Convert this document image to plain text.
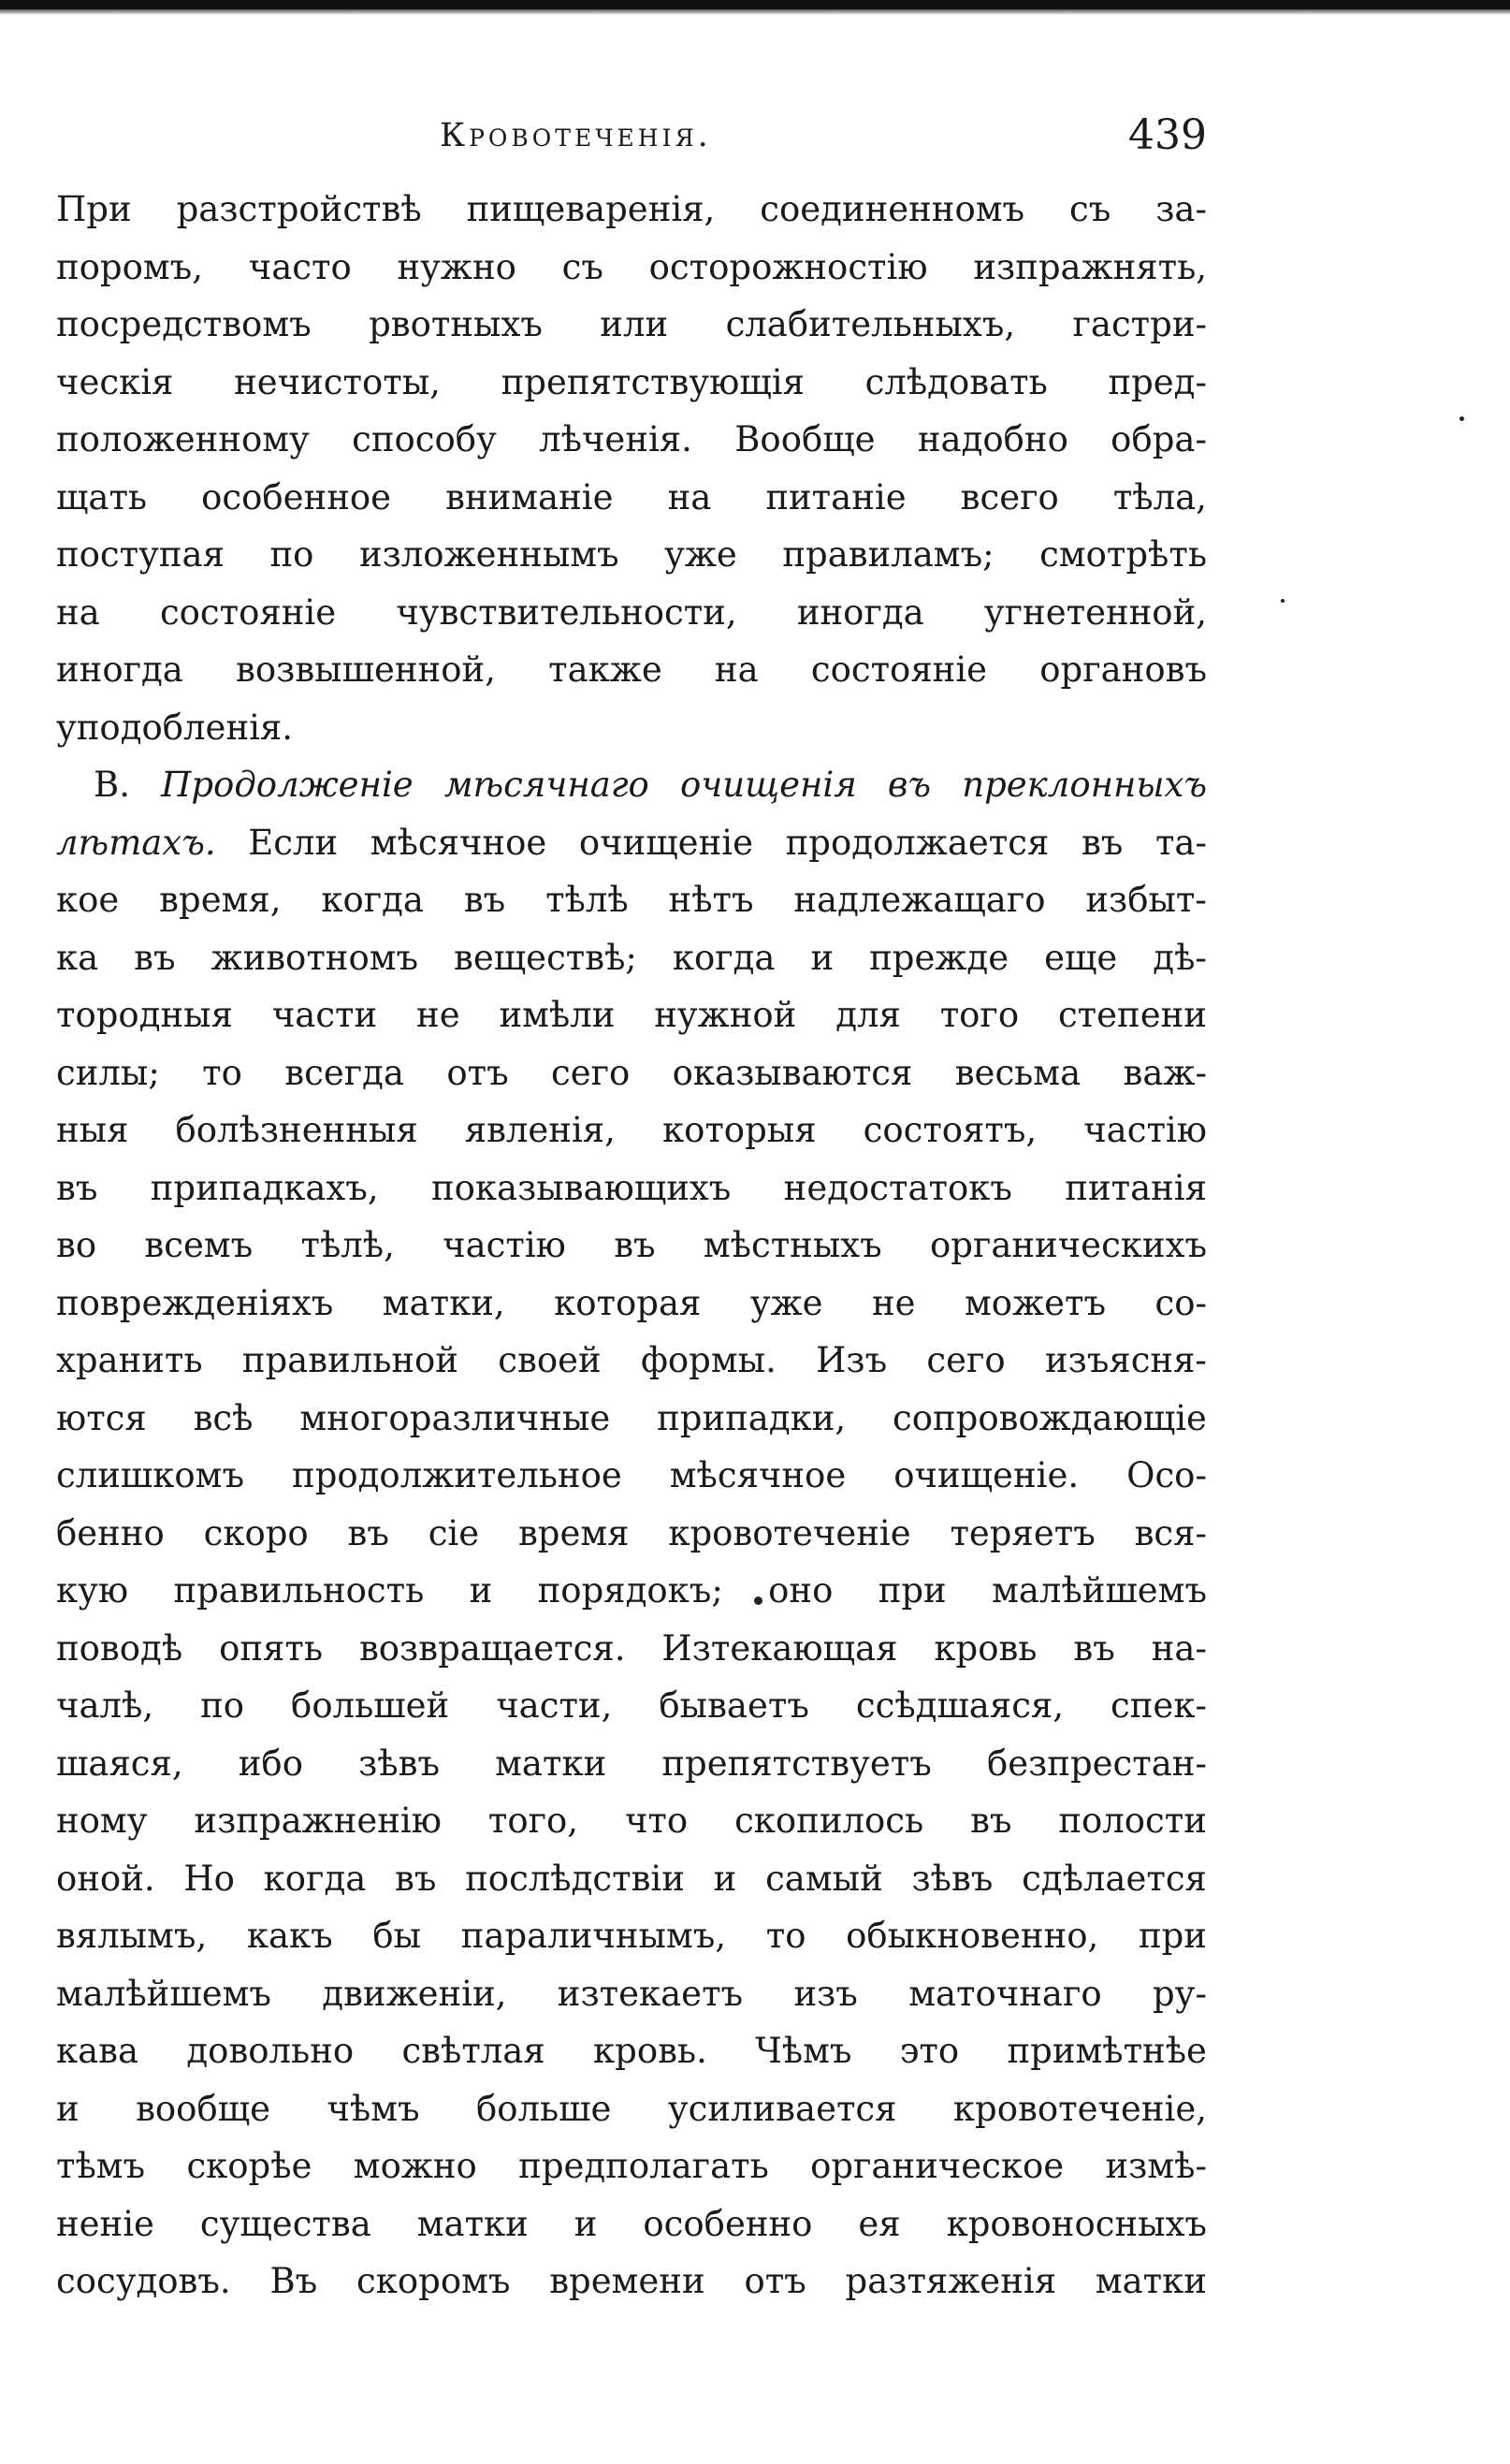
Кровотеченія.	439
При разстройствѣ пищеваренія, соединенномъ съ за-
поромъ, часто нужно съ осторожностію изпражнять,
посредствомъ рвотныхъ или слабительныхъ, гастри-
ческія нечистоты, препятствующія слѣдовать пред-
положенному способу лѣченія. Вообще надобно обра-
щать особенное вниманіе на питаніе всего тѣла,
поступая по изложеннымъ уже правиламъ; смотрѣть
на состояніе чувствительности, иногда угнетенной,
иногда возвышенной, также на состояніе органовъ
уподобленія.
В. Продолженіе мѣсячнаго очищенія въ преклонныхъ
лѣтахъ. Если мѣсячное очищеніе продолжается въ та-
кое время, когда въ тѣлѣ нѣтъ надлежащаго избыт-
ка въ животномъ веществѣ; когда и прежде еще дѣ-
тородныя части не имѣли нужной для того степени
силы; то всегда отъ сего оказываются весьма важ-
ныя болѣзненныя явленія, которыя состоятъ, частію
въ припадкахъ, показывающихъ недостатокъ питанія
во всемъ тѣлѣ, частію въ мѣстныхъ органическихъ
поврежденіяхъ матки, которая уже не можетъ со-
хранить правильной своей формы. Изъ сего изъясня-
ются всѣ многоразличные припадки, сопровождающіе
слишкомъ продолжительное мѣсячное очищеніе. Осо-
бенно скоро въ сіе время кровотеченіе теряетъ вся-
кую правильность и порядокъ; оно при малѣйшемъ
поводѣ опять возвращается. Изтекающая кровь въ на-
чалѣ, по большей части, бываетъ ссѣдшаяся, спек-
шаяся, ибо зѣвъ матки препятствуетъ безпрестан-
ному изпражненію того, что скопилось въ полости
оной. Но когда въ послѣдствіи и самый зѣвъ сдѣлается
вялымъ, какъ бы параличнымъ, то обыкновенно, при
малѣйшемъ движеніи, изтекаетъ изъ маточнаго ру-
кава довольно свѣтлая кровь. Чѣмъ это примѣтнѣе
и вообще чѣмъ больше усиливается кровотеченіе,
тѣмъ скорѣе можно предполагать органическое измѣ-
неніе существа матки и особенно ея кровоносныхъ
сосудовъ. Въ скоромъ времени отъ разтяженія матки
